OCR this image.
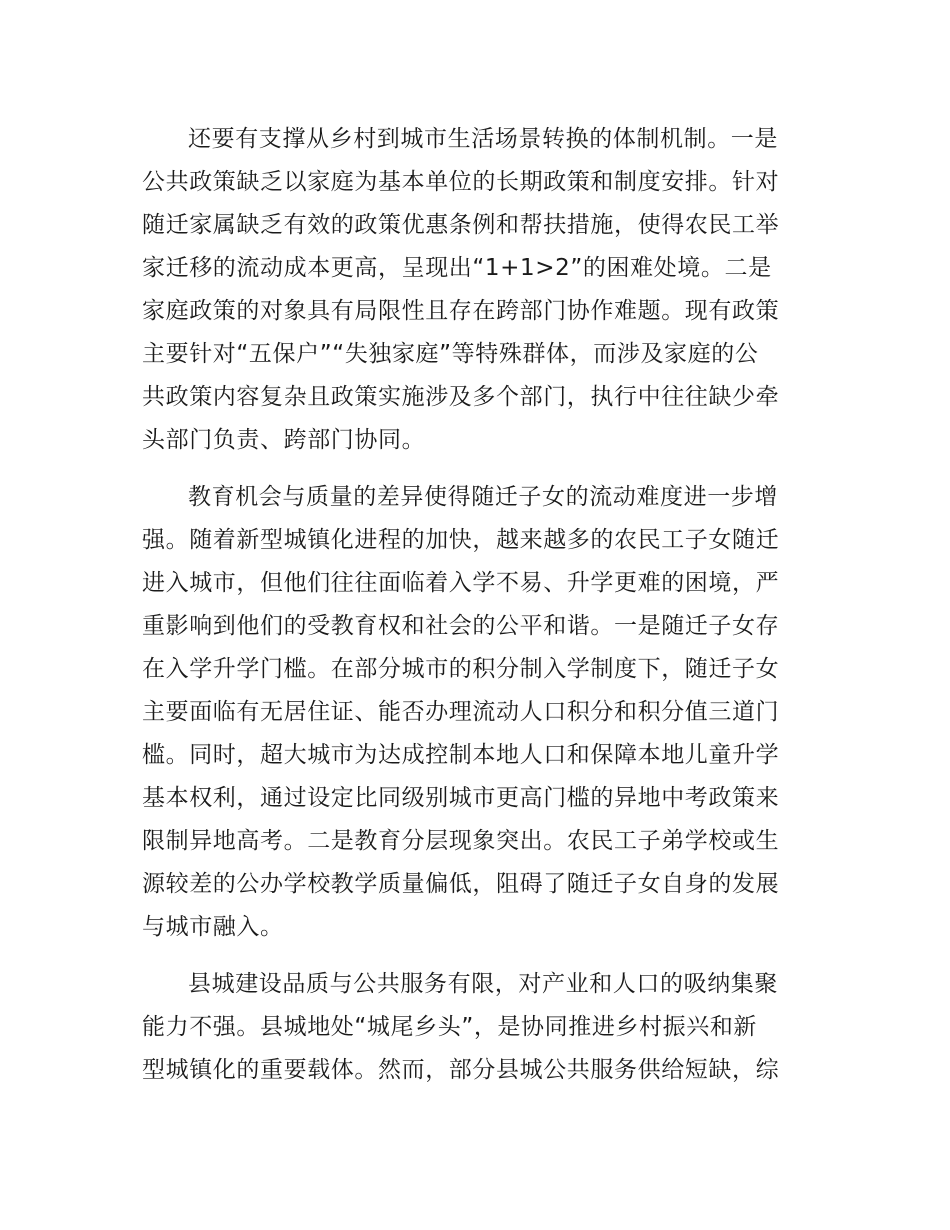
还要有支撑从乡村到城市生活场景转换的体制机制。一是
公共政策缺乏以家庭为基本单位的长期政策和制度安排。针对
随迁家属缺乏有效的政策优惠条例和帮扶措施，使得农民工举
家迁移的流动成本更高，呈现出“1+1>2”的困难处境。二是
家庭政策的对象具有局限性且存在跨部门协作难题。现有政策
主要针对“五保户”“失独家庭”等特殊群体，而涉及家庭的公
共政策内容复杂且政策实施涉及多个部门，执行中往往缺少牵
头部门负责、跨部门协同。
教育机会与质量的差异使得随迁子女的流动难度进一步增
强。随着新型城镇化进程的加快，越来越多的农民工子女随迁
进入城市，但他们往往面临着入学不易、升学更难的困境，严
重影响到他们的受教育权和社会的公平和谐。一是随迁子女存
在入学升学门槛。在部分城市的积分制入学制度下，随迁子女
主要面临有无居住证、能否办理流动人口积分和积分值三道门
槛。同时，超大城市为达成控制本地人口和保障本地儿童升学
基本权利，通过设定比同级别城市更高门槛的异地中考政策来
限制异地高考。二是教育分层现象突出。农民工子弟学校或生
源较差的公办学校教学质量偏低，阻碍了随迁子女自身的发展
与城市融入。
县城建设品质与公共服务有限，对产业和人口的吸纳集聚
能力不强。县城地处“城尾乡头”，是协同推进乡村振兴和新
型城镇化的重要载体。然而，部分县城公共服务供给短缺，综
